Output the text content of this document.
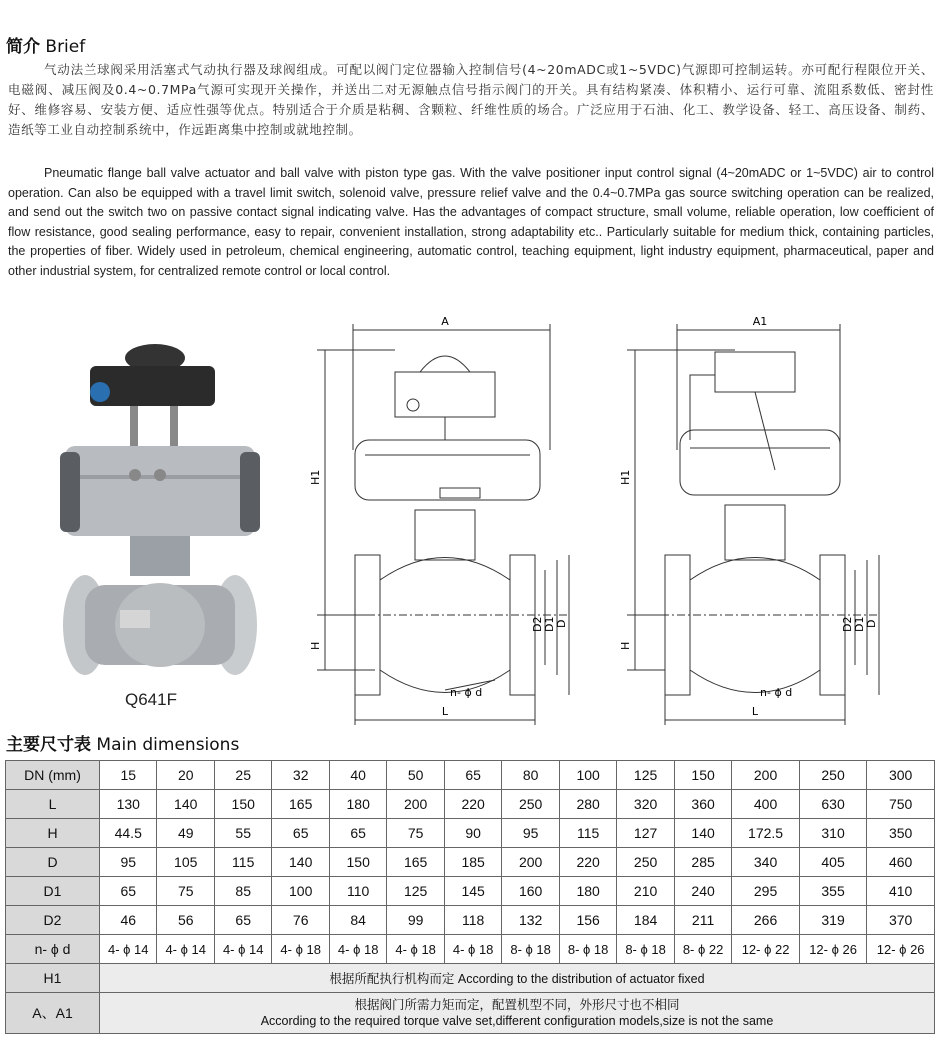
简介 Brief
气动法兰球阀采用活塞式气动执行器及球阀组成。可配以阀门定位器输入控制信号(4~20mADC或1~5VDC)气源即可控制运转。亦可配行程限位开关、电磁阀、减压阀及0.4~0.7MPa气源可实现开关操作，并送出二对无源触点信号指示阀门的开关。具有结构紧凑、体积精小、运行可靠、流阻系数低、密封性好、维修容易、安装方便、适应性强等优点。特别适合于介质是粘稠、含颗粒、纤维性质的场合。广泛应用于石油、化工、教学设备、轻工、高压设备、制药、造纸等工业自动控制系统中，作远距离集中控制或就地控制。
Pneumatic flange ball valve actuator and ball valve with piston type gas. With the valve positioner input control signal (4~20mADC or 1~5VDC) air to control operation. Can also be equipped with a travel limit switch, solenoid valve, pressure relief valve and the 0.4~0.7MPa gas source switching operation can be realized, and send out the switch two on passive contact signal indicating valve. Has the advantages of compact structure, small volume, reliable operation, low coefficient of flow resistance, good sealing performance, easy to repair, convenient installation, strong adaptability etc.. Particularly suitable for medium thick, containing particles, the properties of fiber. Widely used in petroleum, chemical engineering, automatic control, teaching equipment, light industry equipment, pharmaceutical, paper and other industrial system, for centralized remote control or local control.
Q641F
A
H1
H
D2 D1 D
L
n- ϕ d
A1
H1
H
D2 D1 D
L
n- ϕ d
主要尺寸表 Main dimensions
DN (mm)	15	20	25	32	40	50	65	80	100	125	150	200	250	300
L	130	140	150	165	180	200	220	250	280	320	360	400	630	750
H	44.5	49	55	65	65	75	90	95	115	127	140	172.5	310	350
D	95	105	115	140	150	165	185	200	220	250	285	340	405	460
D1	65	75	85	100	110	125	145	160	180	210	240	295	355	410
D2	46	56	65	76	84	99	118	132	156	184	211	266	319	370
n- ϕ d	4- ϕ 14	4- ϕ 14	4- ϕ 14	4- ϕ 18	4- ϕ 18	4- ϕ 18	4- ϕ 18	8- ϕ 18	8- ϕ 18	8- ϕ 18	8- ϕ 22	12- ϕ 22	12- ϕ 26	12- ϕ 26
H1	根据所配执行机构而定 According to the distribution of actuator fixed													
A、A1	根据阀门所需力矩而定，配置机型不同，外形尺寸也不相同
According to the required torque valve set,different configuration models,size is not the same													
